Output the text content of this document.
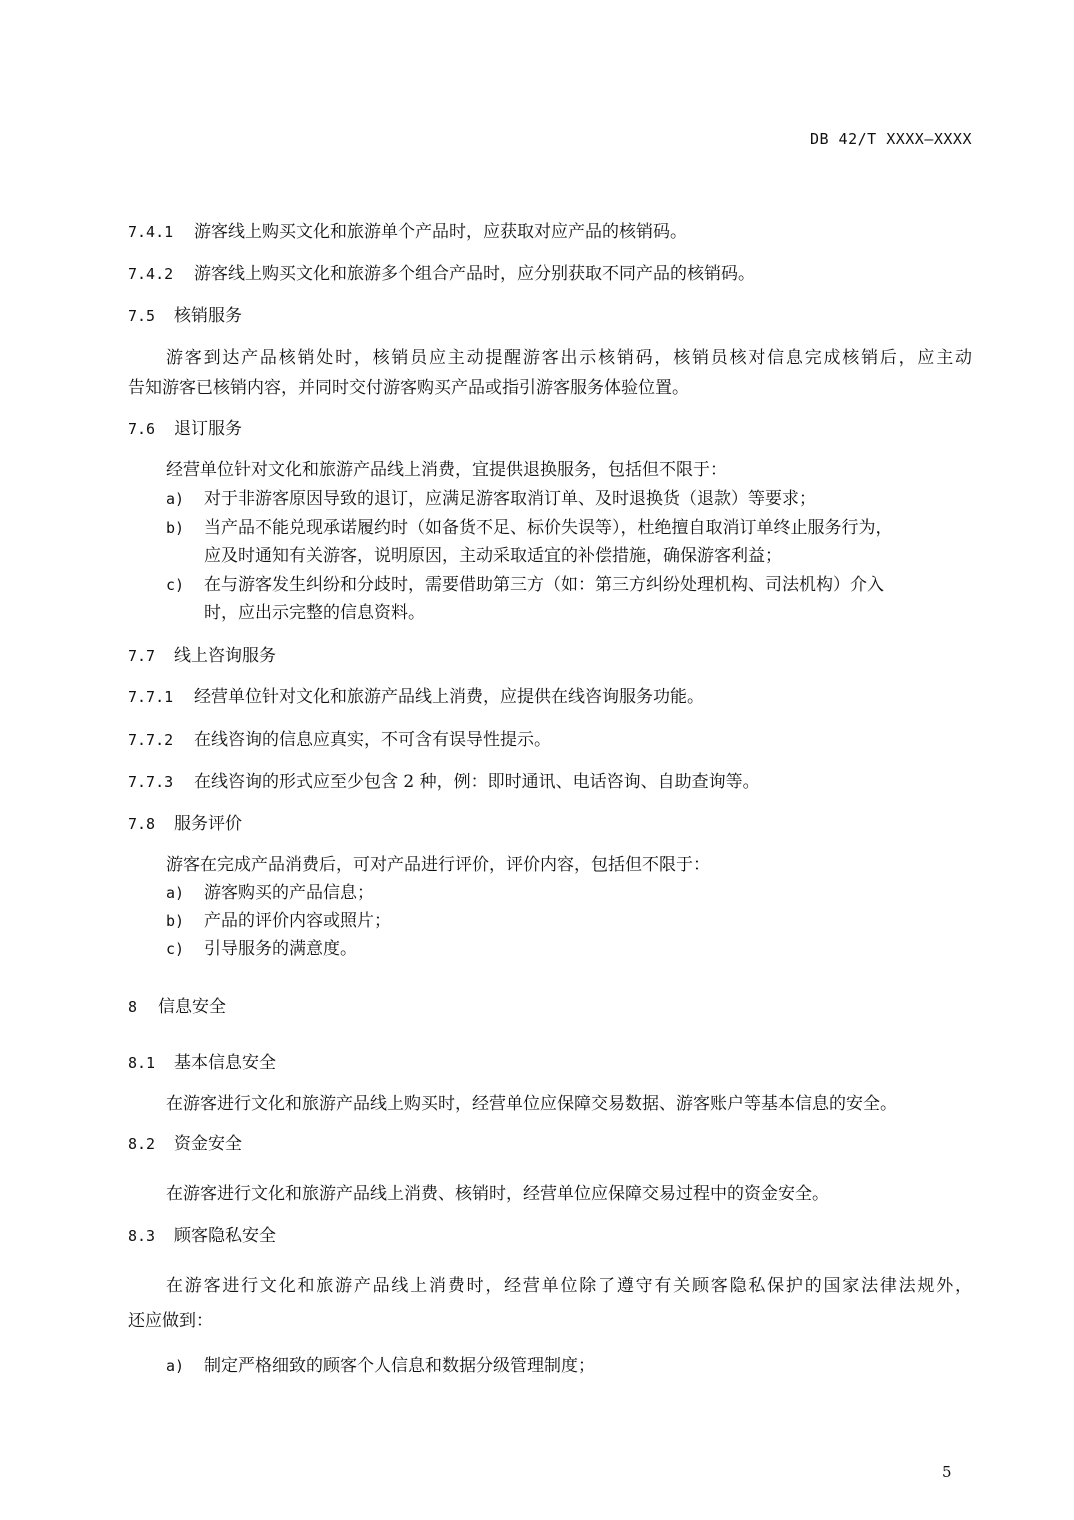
DB 42/T XXXX—XXXX
7.4.1 游客线上购买文化和旅游单个产品时，应获取对应产品的核销码。
7.4.2 游客线上购买文化和旅游多个组合产品时，应分别获取不同产品的核销码。
7.5 核销服务
游客到达产品核销处时，核销员应主动提醒游客出示核销码，核销员核对信息完成核销后，应主动
告知游客已核销内容，并同时交付游客购买产品或指引游客服务体验位置。
7.6 退订服务
经营单位针对文化和旅游产品线上消费，宜提供退换服务，包括但不限于：
a) 对于非游客原因导致的退订，应满足游客取消订单、及时退换货（退款）等要求；
b) 当产品不能兑现承诺履约时（如备货不足、标价失误等），杜绝擅自取消订单终止服务行为，
应及时通知有关游客，说明原因，主动采取适宜的补偿措施，确保游客利益；
c) 在与游客发生纠纷和分歧时，需要借助第三方（如：第三方纠纷处理机构、司法机构）介入
时，应出示完整的信息资料。
7.7 线上咨询服务
7.7.1 经营单位针对文化和旅游产品线上消费，应提供在线咨询服务功能。
7.7.2 在线咨询的信息应真实，不可含有误导性提示。
7.7.3 在线咨询的形式应至少包含 2 种，例：即时通讯、电话咨询、自助查询等。
7.8 服务评价
游客在完成产品消费后，可对产品进行评价，评价内容，包括但不限于：
a) 游客购买的产品信息；
b) 产品的评价内容或照片；
c) 引导服务的满意度。
8 信息安全
8.1 基本信息安全
在游客进行文化和旅游产品线上购买时，经营单位应保障交易数据、游客账户等基本信息的安全。
8.2 资金安全
在游客进行文化和旅游产品线上消费、核销时，经营单位应保障交易过程中的资金安全。
8.3 顾客隐私安全
在游客进行文化和旅游产品线上消费时，经营单位除了遵守有关顾客隐私保护的国家法律法规外，
还应做到：
a) 制定严格细致的顾客个人信息和数据分级管理制度；
5
